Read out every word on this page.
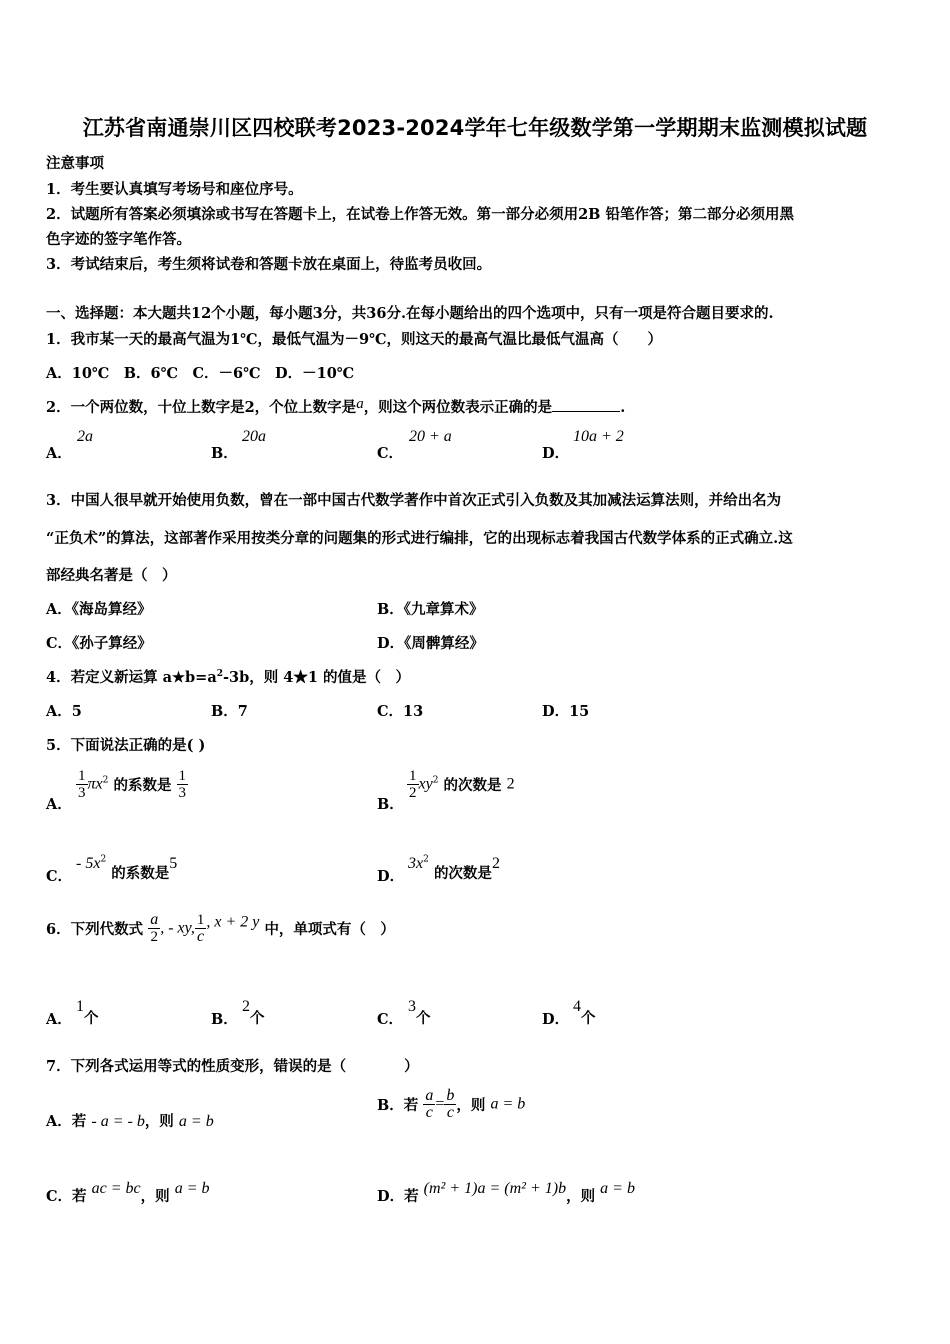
江苏省南通崇川区四校联考2023-2024学年七年级数学第一学期期末监测模拟试题
注意事项
1．考生要认真填写考场号和座位序号。
2．试题所有答案必须填涂或书写在答题卡上，在试卷上作答无效。第一部分必须用2B 铅笔作答；第二部分必须用黑
色字迹的签字笔作答。
3．考试结束后，考生须将试卷和答题卡放在桌面上，待监考员收回。
一、选择题：本大题共12个小题，每小题3分，共36分.在每小题给出的四个选项中，只有一项是符合题目要求的.
1．我市某一天的最高气温为1℃，最低气温为－9℃，则这天的最高气温比最低气温高（　　）
A．10℃　B．6℃　C．－6℃　D．－10℃
2．一个两位数，十位上数字是2，个位上数字是a，则这个两位数表示正确的是	.
A．
2a
B．
20a
C．
20 + a
D．
10a + 2
3．中国人很早就开始使用负数，曾在一部中国古代数学著作中首次正式引入负数及其加减法运算法则，并给出名为
“正负术”的算法，这部著作采用按类分章的问题集的形式进行编排，它的出现标志着我国古代数学体系的正式确立.这
部经典名著是（　）
A．《海岛算经》	B．《九章算术》
C．《孙子算经》	D．《周髀算经》
4．若定义新运算 $a★b=a^2-3b$，则 4★1 的值是（　）
A．5	B．7	C．13	D．15
5．下面说法正确的是( )
A．
$\frac{1}{3} \pi x^2$ 的系数是 $\frac{1}{3}$
B．
$\frac{1}{2} xy^2$ 的次数是 2
C．
- $5x^2$ 的系数是5
D．
$3x^2$ 的次数是2
6．下列代数式 $\frac{a}{2}$ , - xy, $\frac{1}{c}$ , x + 2 y 中，单项式有（　）
A．
1个	B．
2个	C．
3个	D．
4个
7．下列各式运用等式的性质变形，错误的是（　　　　）
A．若 - a = - b，则 a = b
B．若 $\frac{a}{c} = \frac{b}{c}$ ，则 a = b
C．若 ac = bc，则 a = b	D．若 (m² + 1)a = (m² + 1)b，则 a = b
